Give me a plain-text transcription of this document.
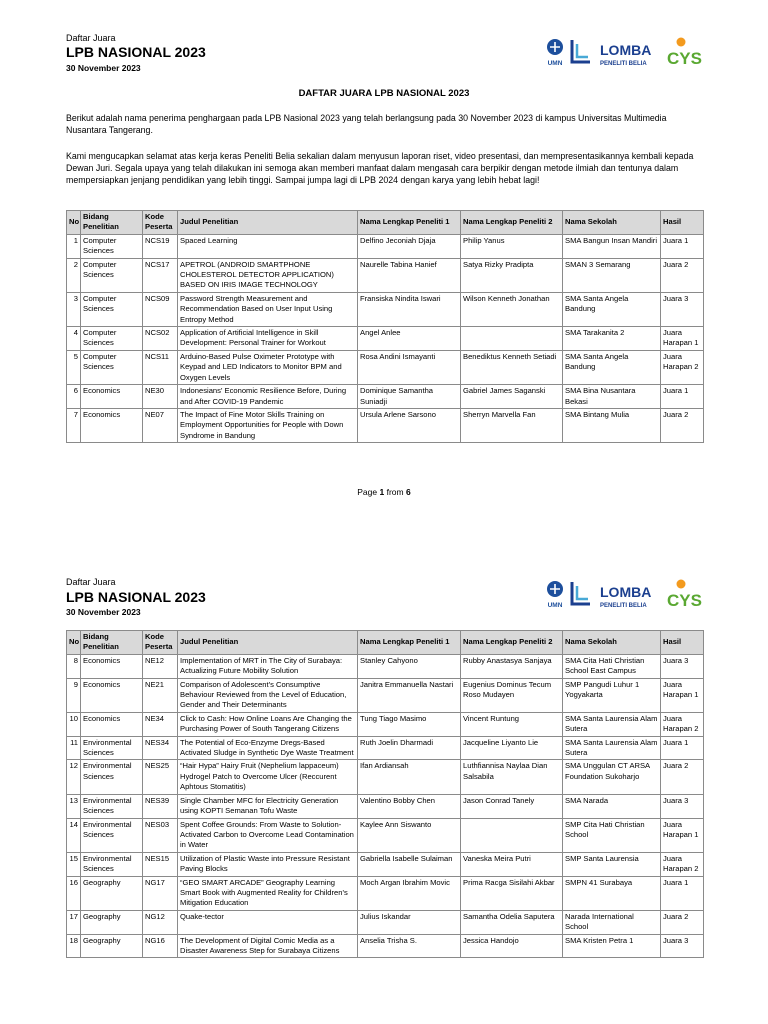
Daftar Juara
LPB NASIONAL 2023
30 November 2023	UMN
LOMBA
PENELITI BELIA CYS
DAFTAR JUARA LPB NASIONAL 2023
Berikut adalah nama penerima penghargaan pada LPB Nasional 2023 yang telah berlangsung pada 30 November 2023 di kampus Universitas Multimedia Nusantara Tangerang.
Kami mengucapkan selamat atas kerja keras Peneliti Belia sekalian dalam menyusun laporan riset, video presentasi, dan mempresentasikannya kembali kepada Dewan Juri. Segala upaya yang telah dilakukan ini semoga akan memberi manfaat dalam mengasah cara berpikir dengan metode ilmiah dan tentunya dalam mempersiapkan jenjang pendidikan yang lebih tinggi. Sampai jumpa lagi di LPB 2024 dengan karya yang lebih hebat lagi!
No	Bidang Penelitian	Kode Peserta	Judul Penelitian	Nama Lengkap Peneliti 1	Nama Lengkap Peneliti 2	Nama Sekolah	Hasil
1	Computer Sciences	NCS19	Spaced Learning	Delfino Jeconiah Djaja	Philip Yanus	SMA Bangun Insan Mandiri	Juara 1
2	Computer Sciences	NCS17	APETROL (ANDROID SMARTPHONE CHOLESTEROL DETECTOR APPLICATION) BASED ON IRIS IMAGE TECHNOLOGY	Naurelle Tabina Hanief	Satya Rizky Pradipta	SMAN 3 Semarang	Juara 2
3	Computer Sciences	NCS09	Password Strength Measurement and Recommendation Based on User Input Using Entropy Method	Fransiska Nindita Iswari	Wilson Kenneth Jonathan	SMA Santa Angela Bandung	Juara 3
4	Computer Sciences	NCS02	Application of Artificial Intelligence in Skill Development: Personal Trainer for Workout	Angel Anlee		SMA Tarakanita 2	Juara Harapan 1
5	Computer Sciences	NCS11	Arduino-Based Pulse Oximeter Prototype with Keypad and LED Indicators to Monitor BPM and Oxygen Levels	Rosa Andini Ismayanti	Benediktus Kenneth Setiadi	SMA Santa Angela Bandung	Juara Harapan 2
6	Economics	NE30	Indonesians' Economic Resilience Before, During and After COVID-19 Pandemic	Dominique Samantha Suniadji	Gabriel James Saganski	SMA Bina Nusantara Bekasi	Juara 1
7	Economics	NE07	The Impact of Fine Motor Skills Training on Employment Opportunities for People with Down Syndrome in Bandung	Ursula Arlene Sarsono	Sherryn Marvella Fan	SMA Bintang Mulia	Juara 2
Page 1 from 6
Daftar Juara
LPB NASIONAL 2023
30 November 2023
UMN
LOMBA
PENELITI BELIA CYS
No	Bidang Penelitian	Kode Peserta	Judul Penelitian	Nama Lengkap Peneliti 1	Nama Lengkap Peneliti 2	Nama Sekolah	Hasil
8	Economics	NE12	Implementation of MRT in The City of Surabaya: Actualizing Future Mobility Solution	Stanley Cahyono	Rubby Anastasya Sanjaya	SMA Cita Hati Christian School East Campus	Juara 3
9	Economics	NE21	Comparison of Adolescent's Consumptive Behaviour Reviewed from the Level of Education, Gender and Their Determinants	Janitra Emmanuella Nastari	Eugenius Dominus Tecum Roso Mudayen	SMP Pangudi Luhur 1 Yogyakarta	Juara Harapan 1
10	Economics	NE34	Click to Cash: How Online Loans Are Changing the Purchasing Power of South Tangerang Citizens	Tung Tiago Masimo	Vincent Runtung	SMA Santa Laurensia Alam Sutera	Juara Harapan 2
11	Environmental Sciences	NES34	The Potential of Eco-Enzyme Dregs-Based Activated Sludge in Synthetic Dye Waste Treatment	Ruth Joelin Dharmadi	Jacqueline Liyanto Lie	SMA Santa Laurensia Alam Sutera	Juara 1
12	Environmental Sciences	NES25	“Hair Hypa” Hairy Fruit (Nephelium lappaceum) Hydrogel Patch to Overcome Ulcer (Reccurent Aphtous Stomatitis)	Ifan Ardiansah	Luthfiannisa Naylaa Dian Salsabila	SMA Unggulan CT ARSA Foundation Sukoharjo	Juara 2
13	Environmental Sciences	NES39	Single Chamber MFC for Electricity Generation using KOPTI Semanan Tofu Waste	Valentino Bobby Chen	Jason Conrad Tanely	SMA Narada	Juara 3
14	Environmental Sciences	NES03	Spent Coffee Grounds: From Waste to Solution-Activated Carbon to Overcome Lead Contamination in Water	Kaylee Ann Siswanto		SMP Cita Hati Christian School	Juara Harapan 1
15	Environmental Sciences	NES15	Utilization of Plastic Waste into Pressure Resistant Paving Blocks	Gabriella Isabelle Sulaiman	Vaneska Meira Putri	SMP Santa Laurensia	Juara Harapan 2
16	Geography	NG17	“GEO SMART ARCADE” Geography Learning Smart Book with Augmented Reality for Children's Mitigation Education	Moch Argan Ibrahim Movic	Prima Racga Sisilahi Akbar	SMPN 41 Surabaya	Juara 1
17	Geography	NG12	Quake-tector	Julius Iskandar	Samantha Odelia Saputera	Narada International School	Juara 2
18	Geography	NG16	The Development of Digital Comic Media as a Disaster Awareness Step for Surabaya Citizens	Anselia Trisha S.	Jessica Handojo	SMA Kristen Petra 1	Juara 3
